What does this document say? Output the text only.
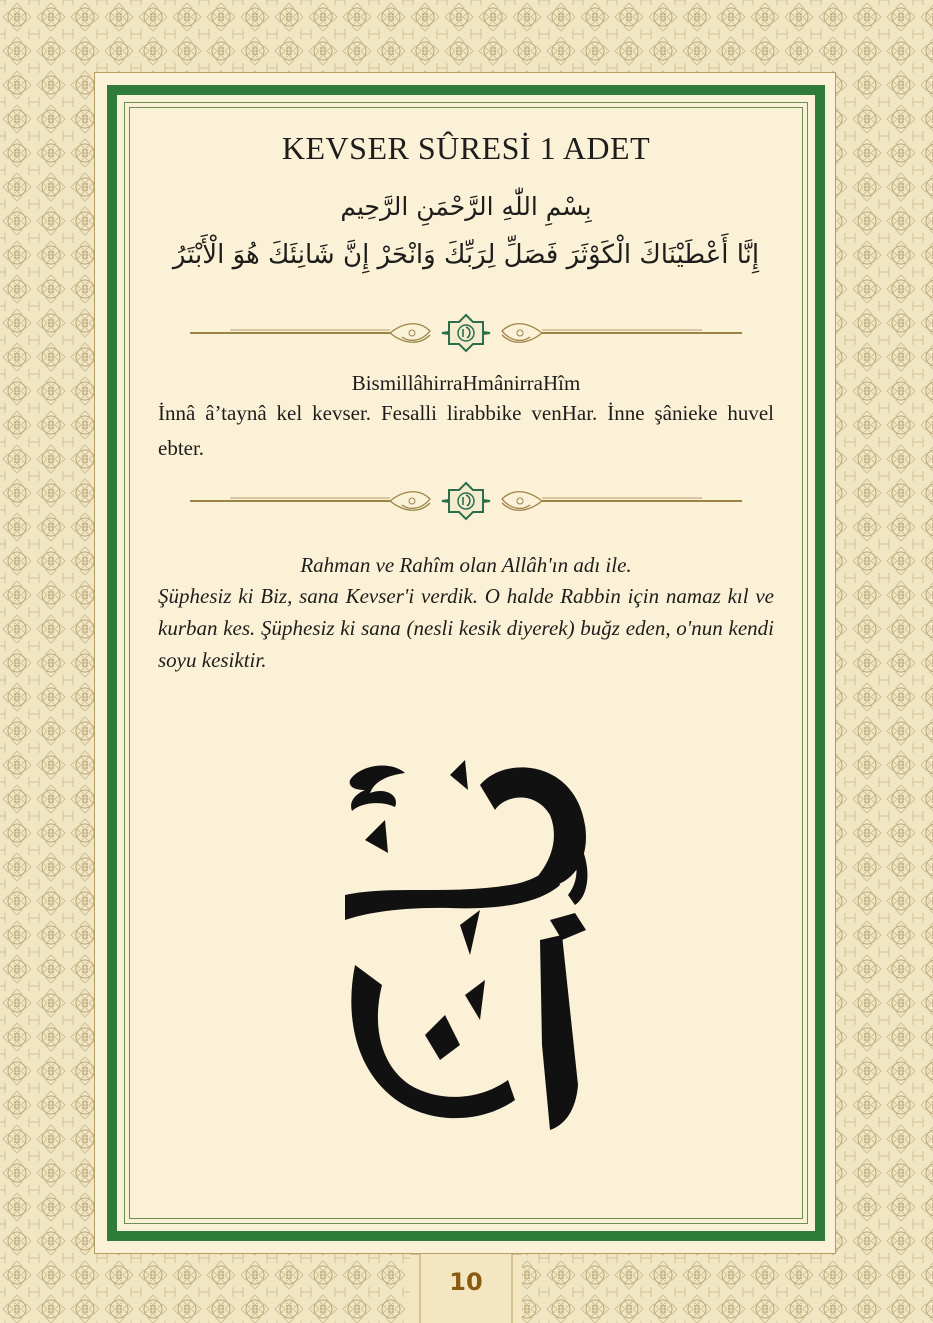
KEVSER SÛRESİ 1 ADET
بِسْمِ اللّٰهِ الرَّحْمَنِ الرَّحِيم
إِنَّا أَعْطَيْنَاكَ الْكَوْثَرَ فَصَلِّ لِرَبِّكَ وَانْحَرْ إِنَّ شَانِئَكَ هُوَ الْأَبْتَرُ
BismillâhirraHmânirraHîm
İnnâ â’taynâ kel kevser. Fesalli lirabbike venHar. İnne şânieke huvel ebter.
Rahman ve Rahîm olan Allâh'ın adı ile.
Şüphesiz ki Biz, sana Kevser'i verdik. O halde Rabbin için namaz kıl ve kurban kes. Şüphesiz ki sana (nesli kesik diyerek) buğz eden, o'nun kendi soyu kesiktir.
10
